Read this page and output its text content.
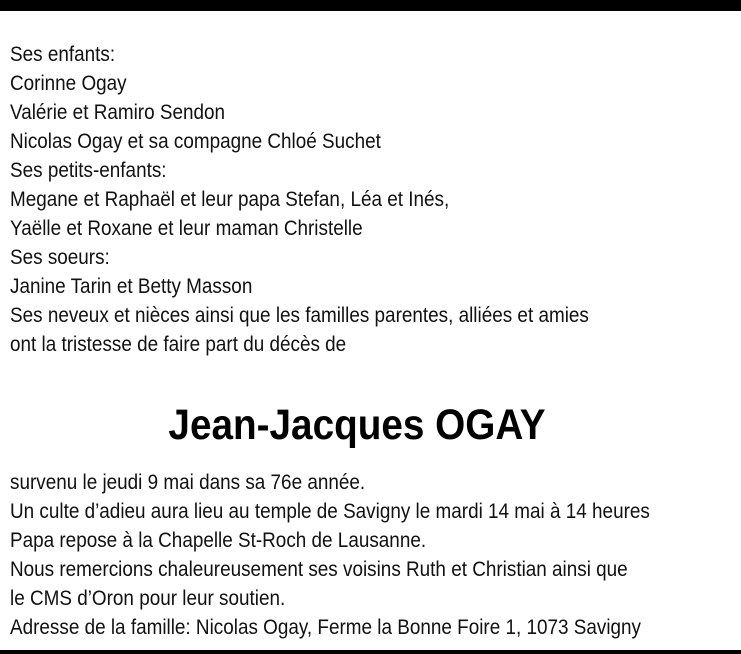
Ses enfants:
Corinne Ogay
Valérie et Ramiro Sendon
Nicolas Ogay et sa compagne Chloé Suchet
Ses petits-enfants:
Megane et Raphaël et leur papa Stefan, Léa et Inés,
Yaëlle et Roxane et leur maman Christelle
Ses soeurs:
Janine Tarin et Betty Masson
Ses neveux et nièces ainsi que les familles parentes, alliées et amies
ont la tristesse de faire part du décès de
Jean-Jacques OGAY
survenu le jeudi 9 mai dans sa 76e année.
Un culte d’adieu aura lieu au temple de Savigny le mardi 14 mai à 14 heures
Papa repose à la Chapelle St-Roch de Lausanne.
Nous remercions chaleureusement ses voisins Ruth et Christian ainsi que
le CMS d’Oron pour leur soutien.
Adresse de la famille: Nicolas Ogay, Ferme la Bonne Foire 1, 1073 Savigny
